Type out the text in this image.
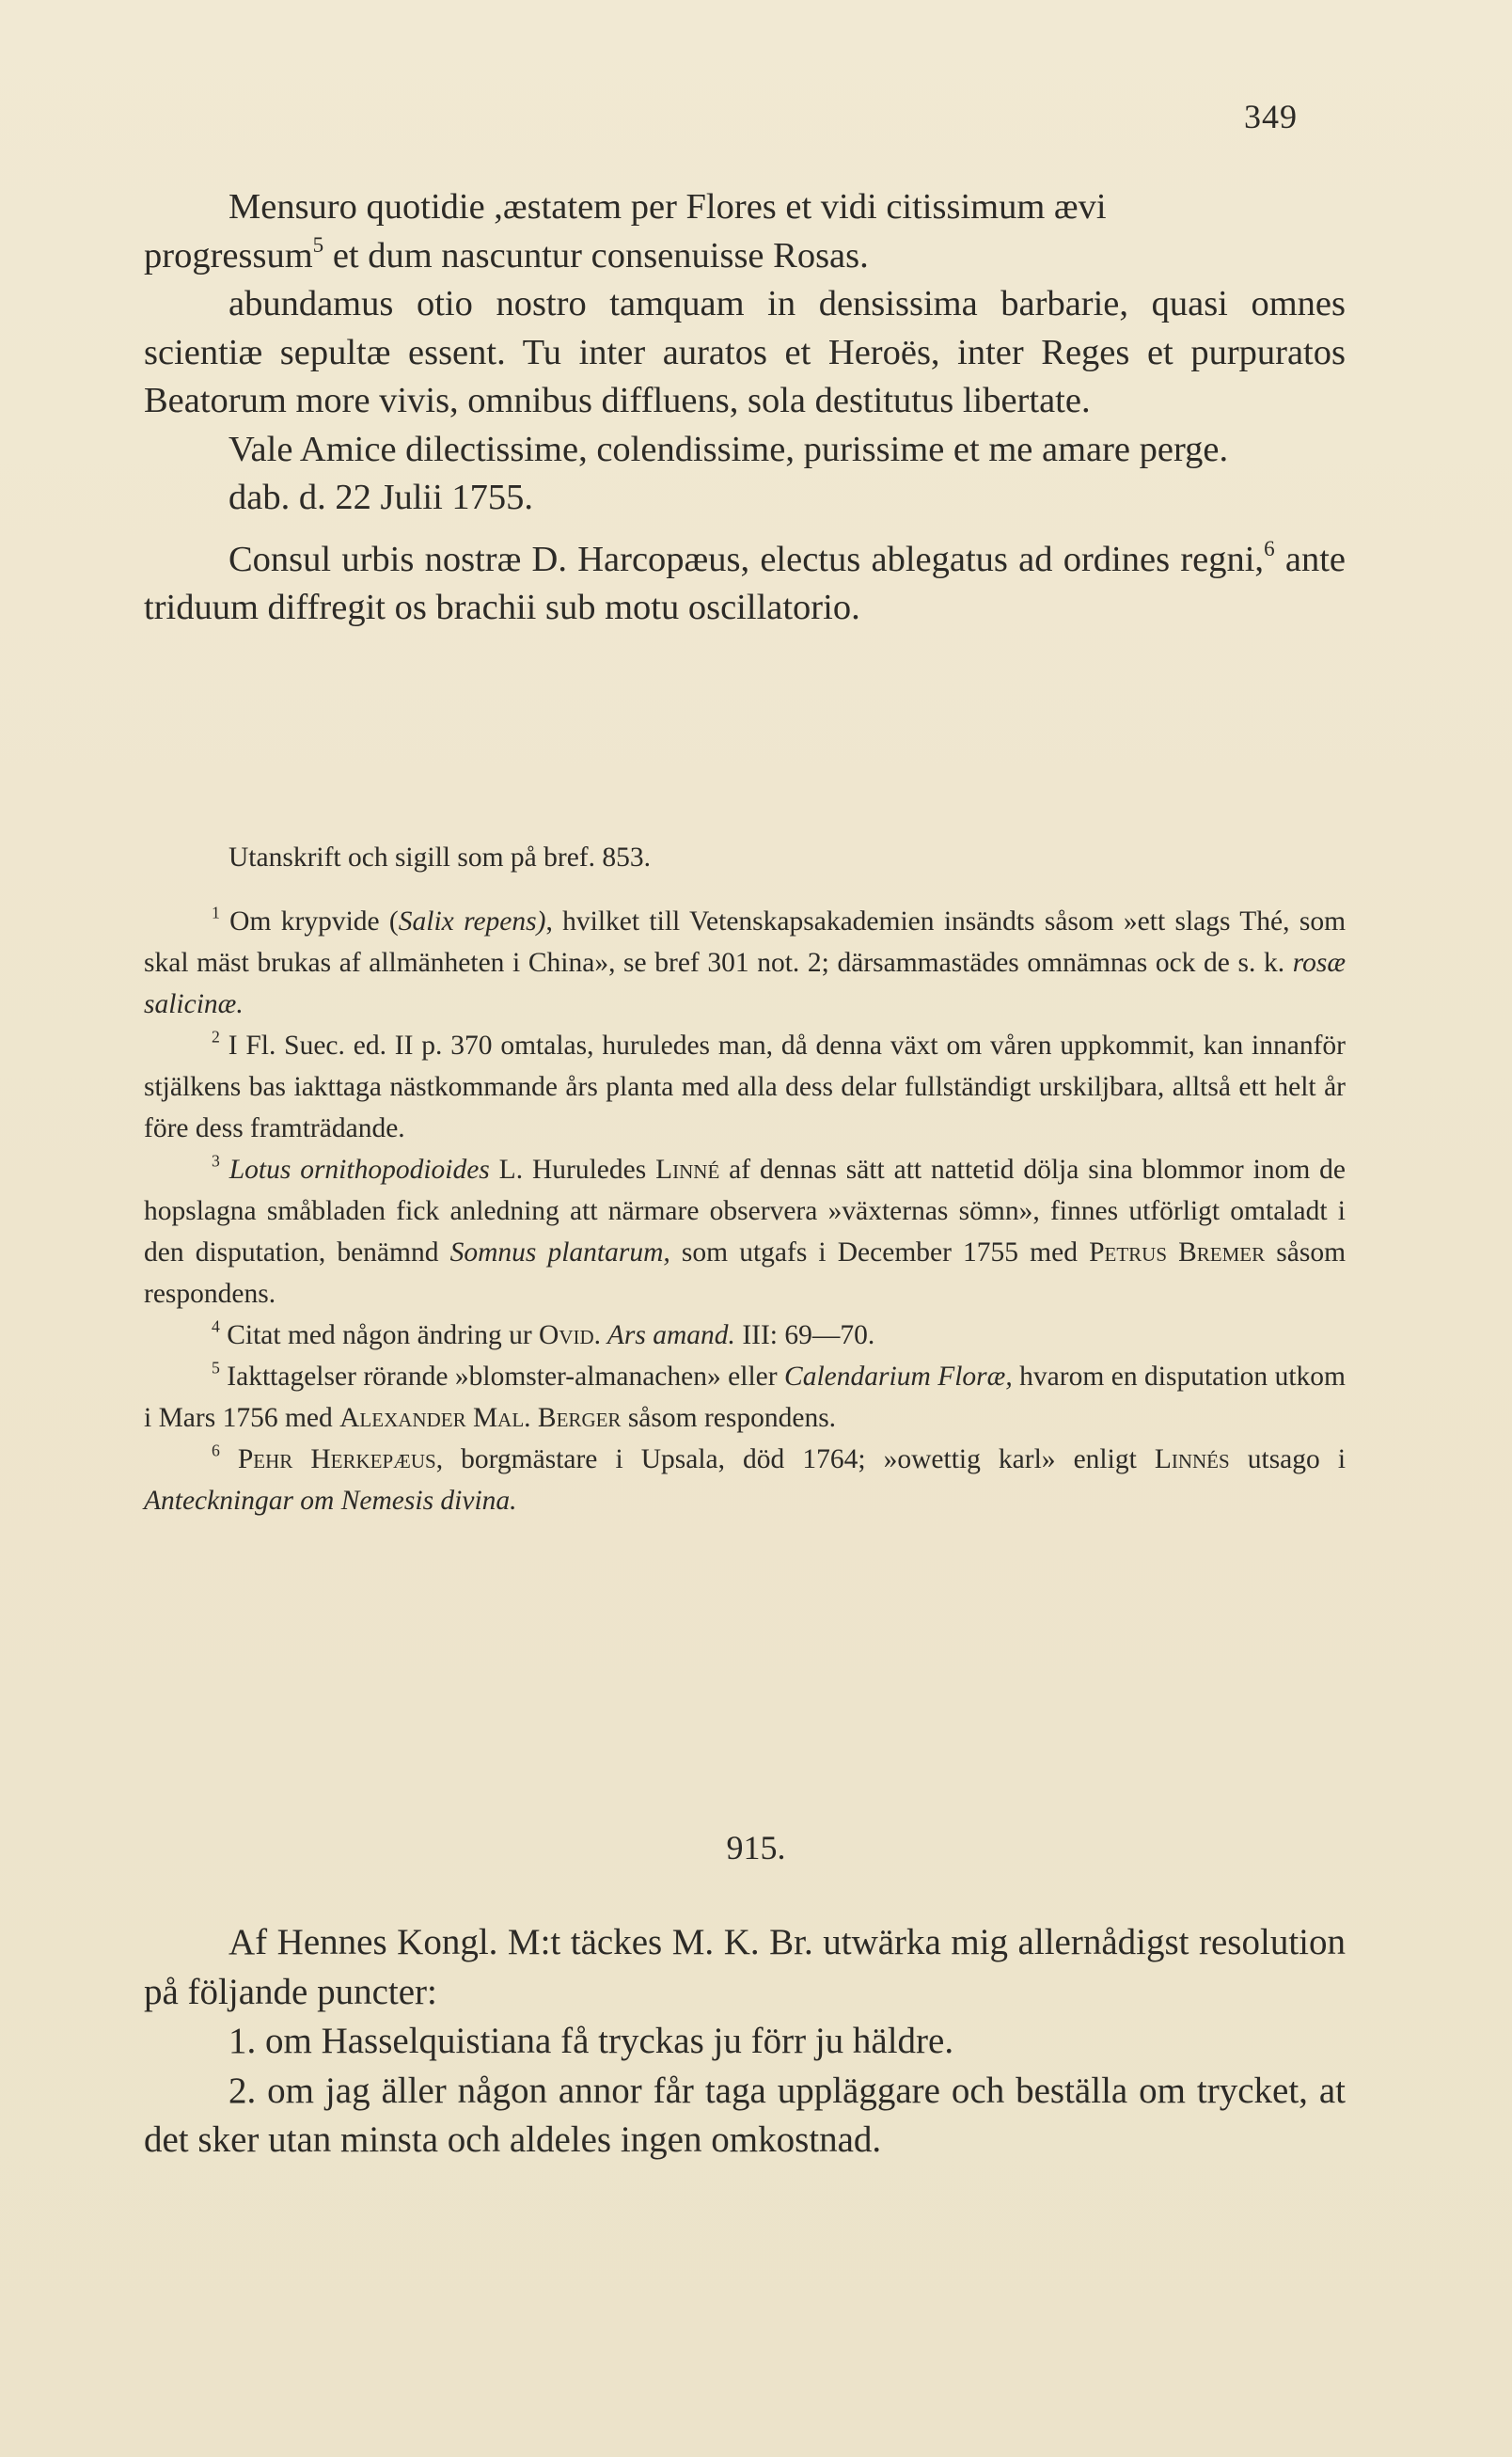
349

Mensuro quotidie ,æstatem per Flores et vidi citissimum ævi
progressum$^5$ et dum nascuntur consenuisse Rosas.

abundamus otio nostro tamquam in densissima barbarie, quasi omnes scientiæ sepultæ essent. Tu inter auratos et Heroës, inter Reges et purpuratos Beatorum more vivis, omnibus diffluens, sola destitutus libertate.

Vale Amice dilectissime, colendissime, purissime et me amare perge.

dab. d. 22 Julii 1755.

Consul urbis nostræ D. Harcopæus, electus ablegatus ad ordines regni,$^6$ ante triduum diffregit os brachii sub motu oscillatorio.

Utanskrift och sigill som på bref. 853.

$^1$ Om krypvide (Salix repens), hvilket till Vetenskapsakademien insändts såsom »ett slags Thé, som skal mäst brukas af allmänheten i China», se bref 301 not. 2; därsammastädes omnämnas ock de s. k. rosæ salicinæ.

$^2$ I Fl. Suec. ed. II p. 370 omtalas, huruledes man, då denna växt om våren uppkommit, kan innanför stjälkens bas iakttaga nästkommande års planta med alla dess delar fullständigt urskiljbara, alltså ett helt år före dess framträdande.

$^3$ Lotus ornithopodioides L. Huruledes Linné af dennas sätt att nattetid dölja sina blommor inom de hopslagna småbladen fick anledning att närmare observera »växternas sömn», finnes utförligt omtaladt i den disputation, benämnd Somnus plantarum, som utgafs i December 1755 med Petrus Bremer såsom respondens.

$^4$ Citat med någon ändring ur Ovid. Ars amand. III: 69—70.

$^5$ Iakttagelser rörande »blomster-almanachen» eller Calendarium Floræ, hvarom en disputation utkom i Mars 1756 med Alexander Mal. Berger såsom respondens.

$^6$ Pehr Herkepæus, borgmästare i Upsala, död 1764; »owettig karl» enligt Linnés utsago i Anteckningar om Nemesis divina.

915.

Af Hennes Kongl. M:t täckes M. K. Br. utwärka mig allernådigst resolution på följande puncter:

1. om Hasselquistiana få tryckas ju förr ju häldre.

2. om jag äller någon annor får taga uppläggare och beställa om trycket, at det sker utan minsta och aldeles ingen omkostnad.
